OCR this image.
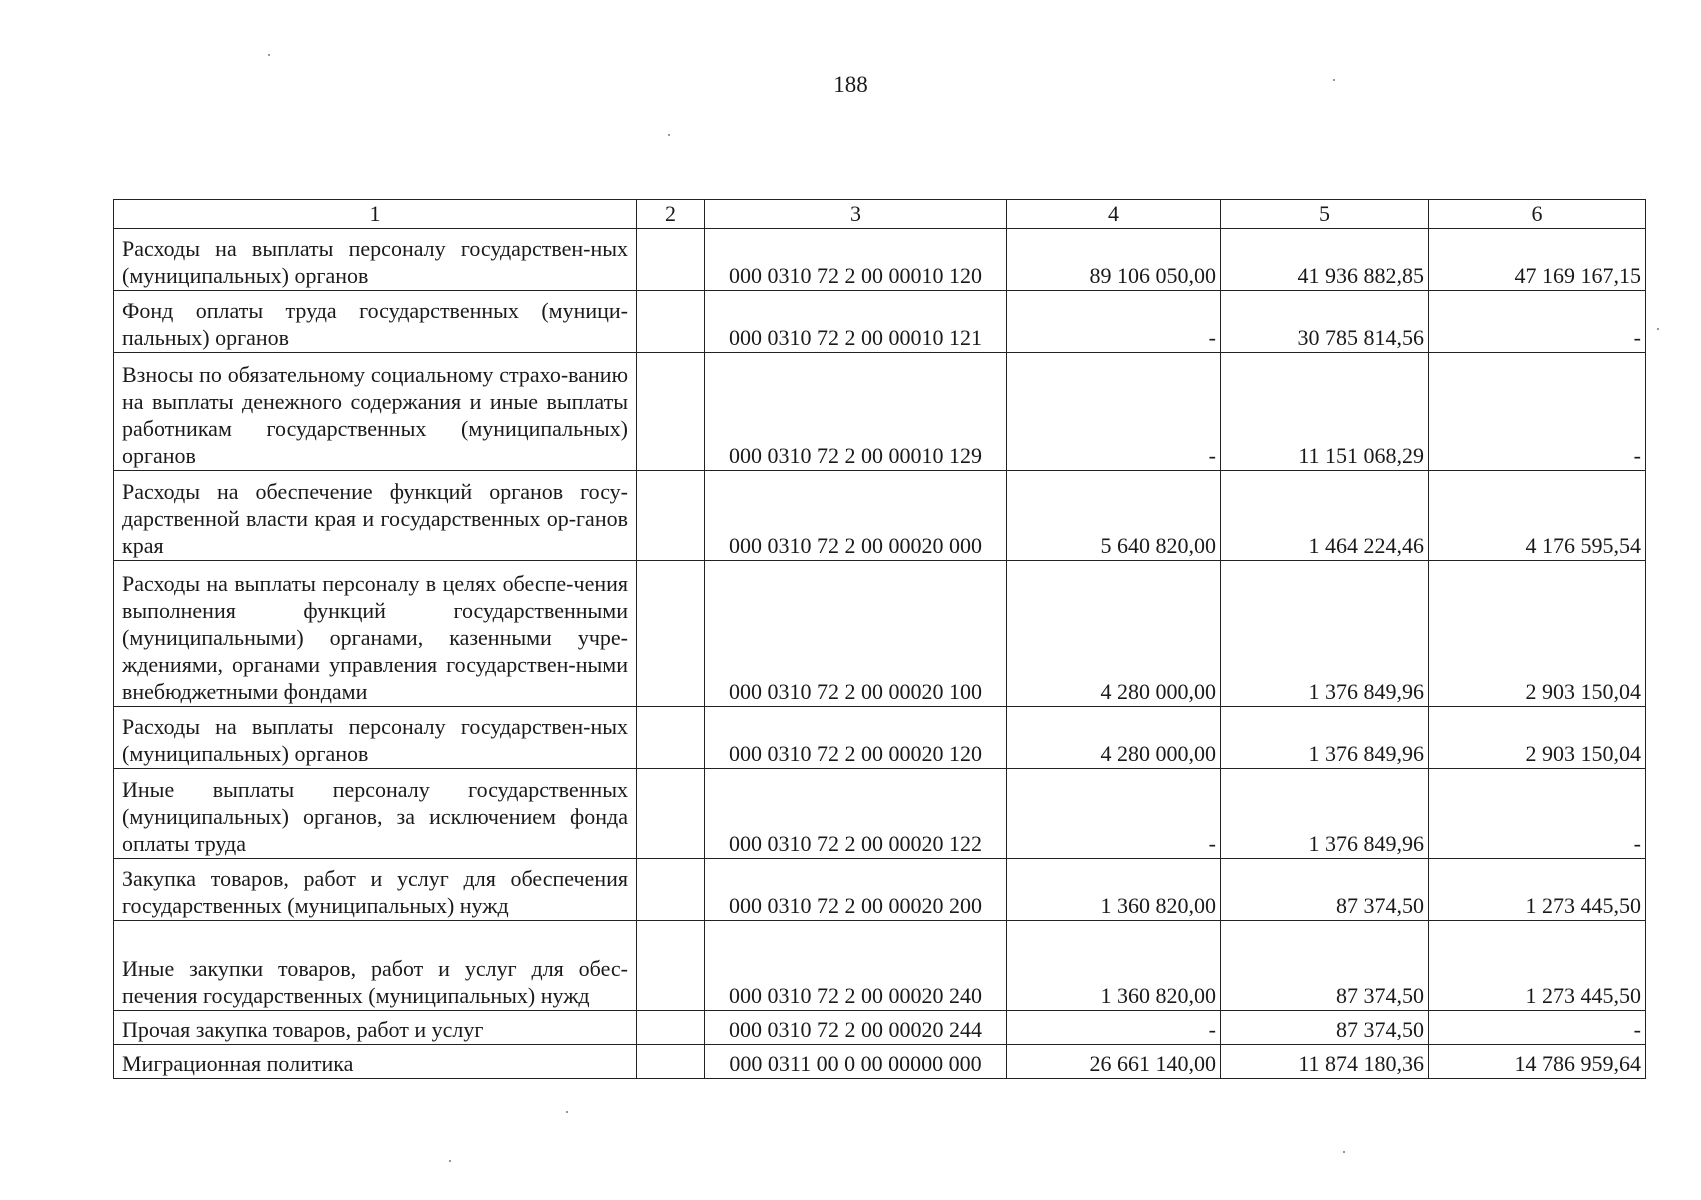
188
1	2	3	4	5	6
Расходы на выплаты персоналу государствен-ных (муниципальных) органов		000 0310 72 2 00 00010 120	89 106 050,00	41 936 882,85	47 169 167,15
Фонд оплаты труда государственных (муници-пальных) органов		000 0310 72 2 00 00010 121	-	30 785 814,56	-
Взносы по обязательному социальному страхо-ванию на выплаты денежного содержания и иные выплаты работникам государственных (муниципальных) органов		000 0310 72 2 00 00010 129	-	11 151 068,29	-
Расходы на обеспечение функций органов госу-дарственной власти края и государственных ор-ганов края		000 0310 72 2 00 00020 000	5 640 820,00	1 464 224,46	4 176 595,54
Расходы на выплаты персоналу в целях обеспе-чения выполнения функций государственными (муниципальными) органами, казенными учре-ждениями, органами управления государствен-ными внебюджетными фондами		000 0310 72 2 00 00020 100	4 280 000,00	1 376 849,96	2 903 150,04
Расходы на выплаты персоналу государствен-ных (муниципальных) органов		000 0310 72 2 00 00020 120	4 280 000,00	1 376 849,96	2 903 150,04
Иные выплаты персоналу государственных (муниципальных) органов, за исключением фонда оплаты труда		000 0310 72 2 00 00020 122	-	1 376 849,96	-
Закупка товаров, работ и услуг для обеспечения государственных (муниципальных) нужд		000 0310 72 2 00 00020 200	1 360 820,00	87 374,50	1 273 445,50
Иные закупки товаров, работ и услуг для обес-печения государственных (муниципальных) нужд		000 0310 72 2 00 00020 240	1 360 820,00	87 374,50	1 273 445,50
Прочая закупка товаров, работ и услуг		000 0310 72 2 00 00020 244	-	87 374,50	-
Миграционная политика		000 0311 00 0 00 00000 000	26 661 140,00	11 874 180,36	14 786 959,64
